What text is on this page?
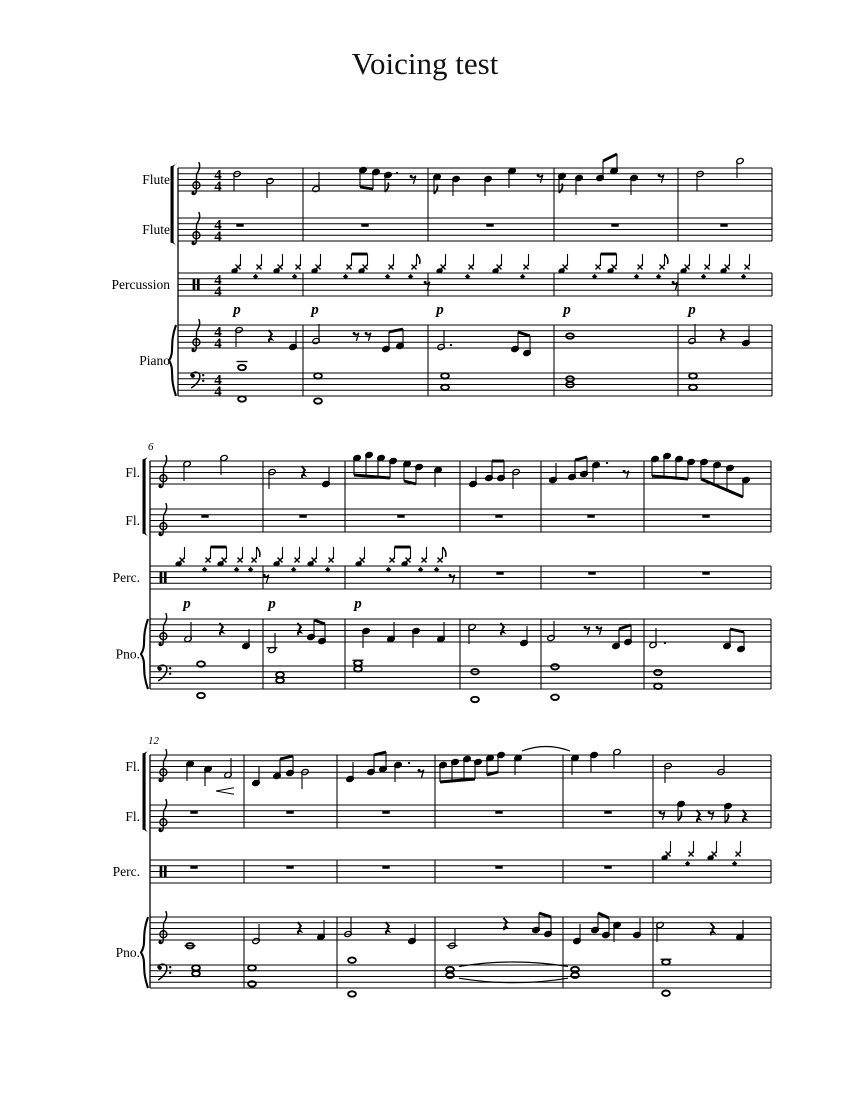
Voicing test
4
4
Flute
4
4
Flute
4
4
Percussion
4
4
Piano
4
4
p	p	p	p	p
6
Fl.
Fl.
Perc.
Pno.
p	p	p
12
Fl.
Fl.
Perc.
Pno.
